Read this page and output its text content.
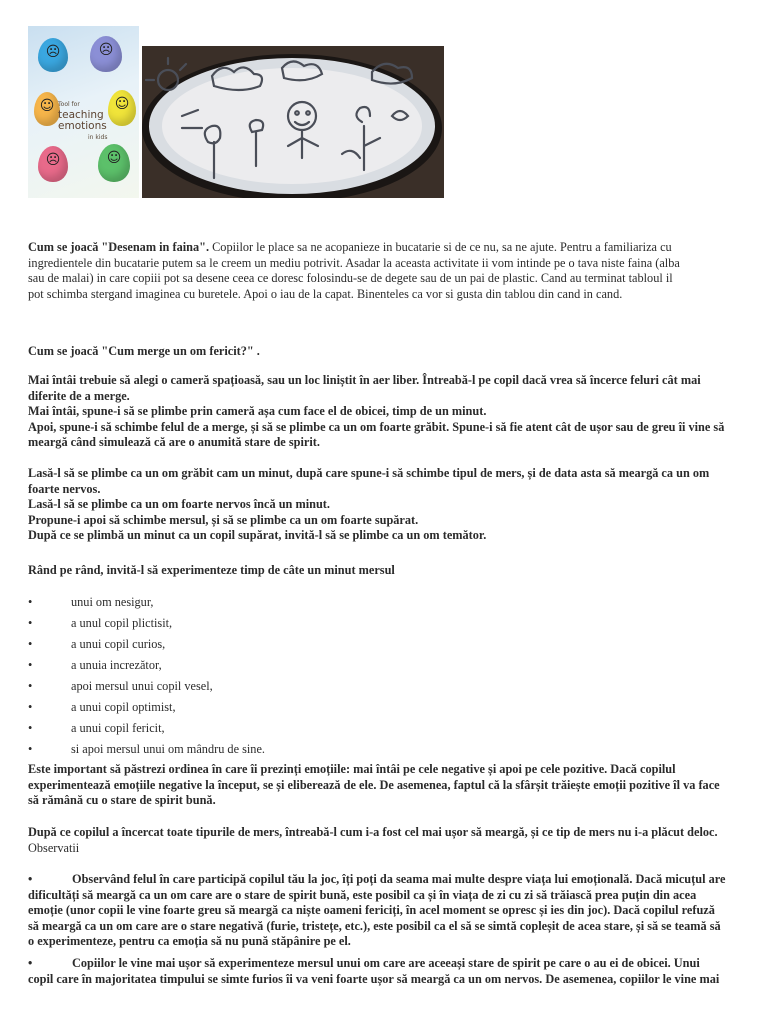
☹	☹
☺	☺
☹	☺
Tool for
teaching
emotions
in kids

Cum se joacă "Desenam in faina". Copiilor le place sa ne acopanieze in bucatarie si de ce nu, sa ne ajute. Pentru a familiariza cu
ingredientele din bucatarie putem sa le creem un mediu potrivit. Asadar la aceasta activitate ii vom intinde pe o tava niste faina (alba
sau de malai) in care copiii pot sa desene ceea ce doresc folosindu-se de degete sau de un pai de plastic. Cand au terminat tabloul il
pot schimba stergand imaginea cu buretele. Apoi o iau de la capat. Binenteles ca vor si gusta din tablou din cand in cand.

Cum se joacă "Cum merge un om fericit?" .

Mai întâi trebuie să alegi o cameră spațioasă, sau un loc liniștit în aer liber. Întreabă-l pe copil dacă vrea să încerce feluri cât mai
diferite de a merge.
Mai întâi, spune-i să se plimbe prin cameră așa cum face el de obicei, timp de un minut.
Apoi, spune-i să schimbe felul de a merge, și să se plimbe ca un om foarte grăbit. Spune-i să fie atent cât de ușor sau de greu îi vine să
meargă când simulează că are o anumită stare de spirit.

Lasă-l să se plimbe ca un om grăbit cam un minut, după care spune-i să schimbe tipul de mers, și de data asta să meargă ca un om
foarte nervos.
Lasă-l să se plimbe ca un om foarte nervos încă un minut.
Propune-i apoi să schimbe mersul, și să se plimbe ca un om foarte supărat.
După ce se plimbă un minut ca un copil supărat, invită-l să se plimbe ca un om temător.

Rând pe rând, invită-l să experimenteze timp de câte un minut mersul

•	unui om nesigur,
•	a unul copil plictisit,
•	a unui copil curios,
•	a unuia increzător,
•	apoi mersul unui copil vesel,
•	a unui copil optimist,
•	a unui copil fericit,
•	si apoi mersul unui om mândru de sine.

Este important să păstrezi ordinea în care îi prezinți emoțiile: mai întâi pe cele negative și apoi pe cele pozitive. Dacă copilul
experimentează emoțiile negative la început, se și eliberează de ele. De asemenea, faptul că la sfârșit trăiește emoții pozitive îl va face
să rămână cu o stare de spirit bună.

După ce copilul a încercat toate tipurile de mers, întreabă-l cum i-a fost cel mai ușor să meargă, și ce tip de mers nu i-a plăcut deloc.
Observatii

•	Observând felul în care participă copilul tău la joc, îți poți da seama mai multe despre viața lui emoțională. Dacă micuțul are
dificultăți să meargă ca un om care are o stare de spirit bună, este posibil ca și în viața de zi cu zi să trăiască prea puțin din acea
emoție (unor copii le vine foarte greu să meargă ca niște oameni fericiți, în acel moment se opresc și ies din joc). Dacă copilul refuză
să meargă ca un om care are o stare negativă (furie, tristețe, etc.), este posibil ca el să se simtă copleșit de acea stare, și să se teamă să
o experimenteze, pentru ca emoția să nu pună stăpânire pe el.

•	Copiilor le vine mai ușor să experimenteze mersul unui om care are aceeași stare de spirit pe care o au ei de obicei. Unui
copil care în majoritatea timpului se simte furios îi va veni foarte ușor să meargă ca un om nervos. De asemenea, copiilor le vine mai
